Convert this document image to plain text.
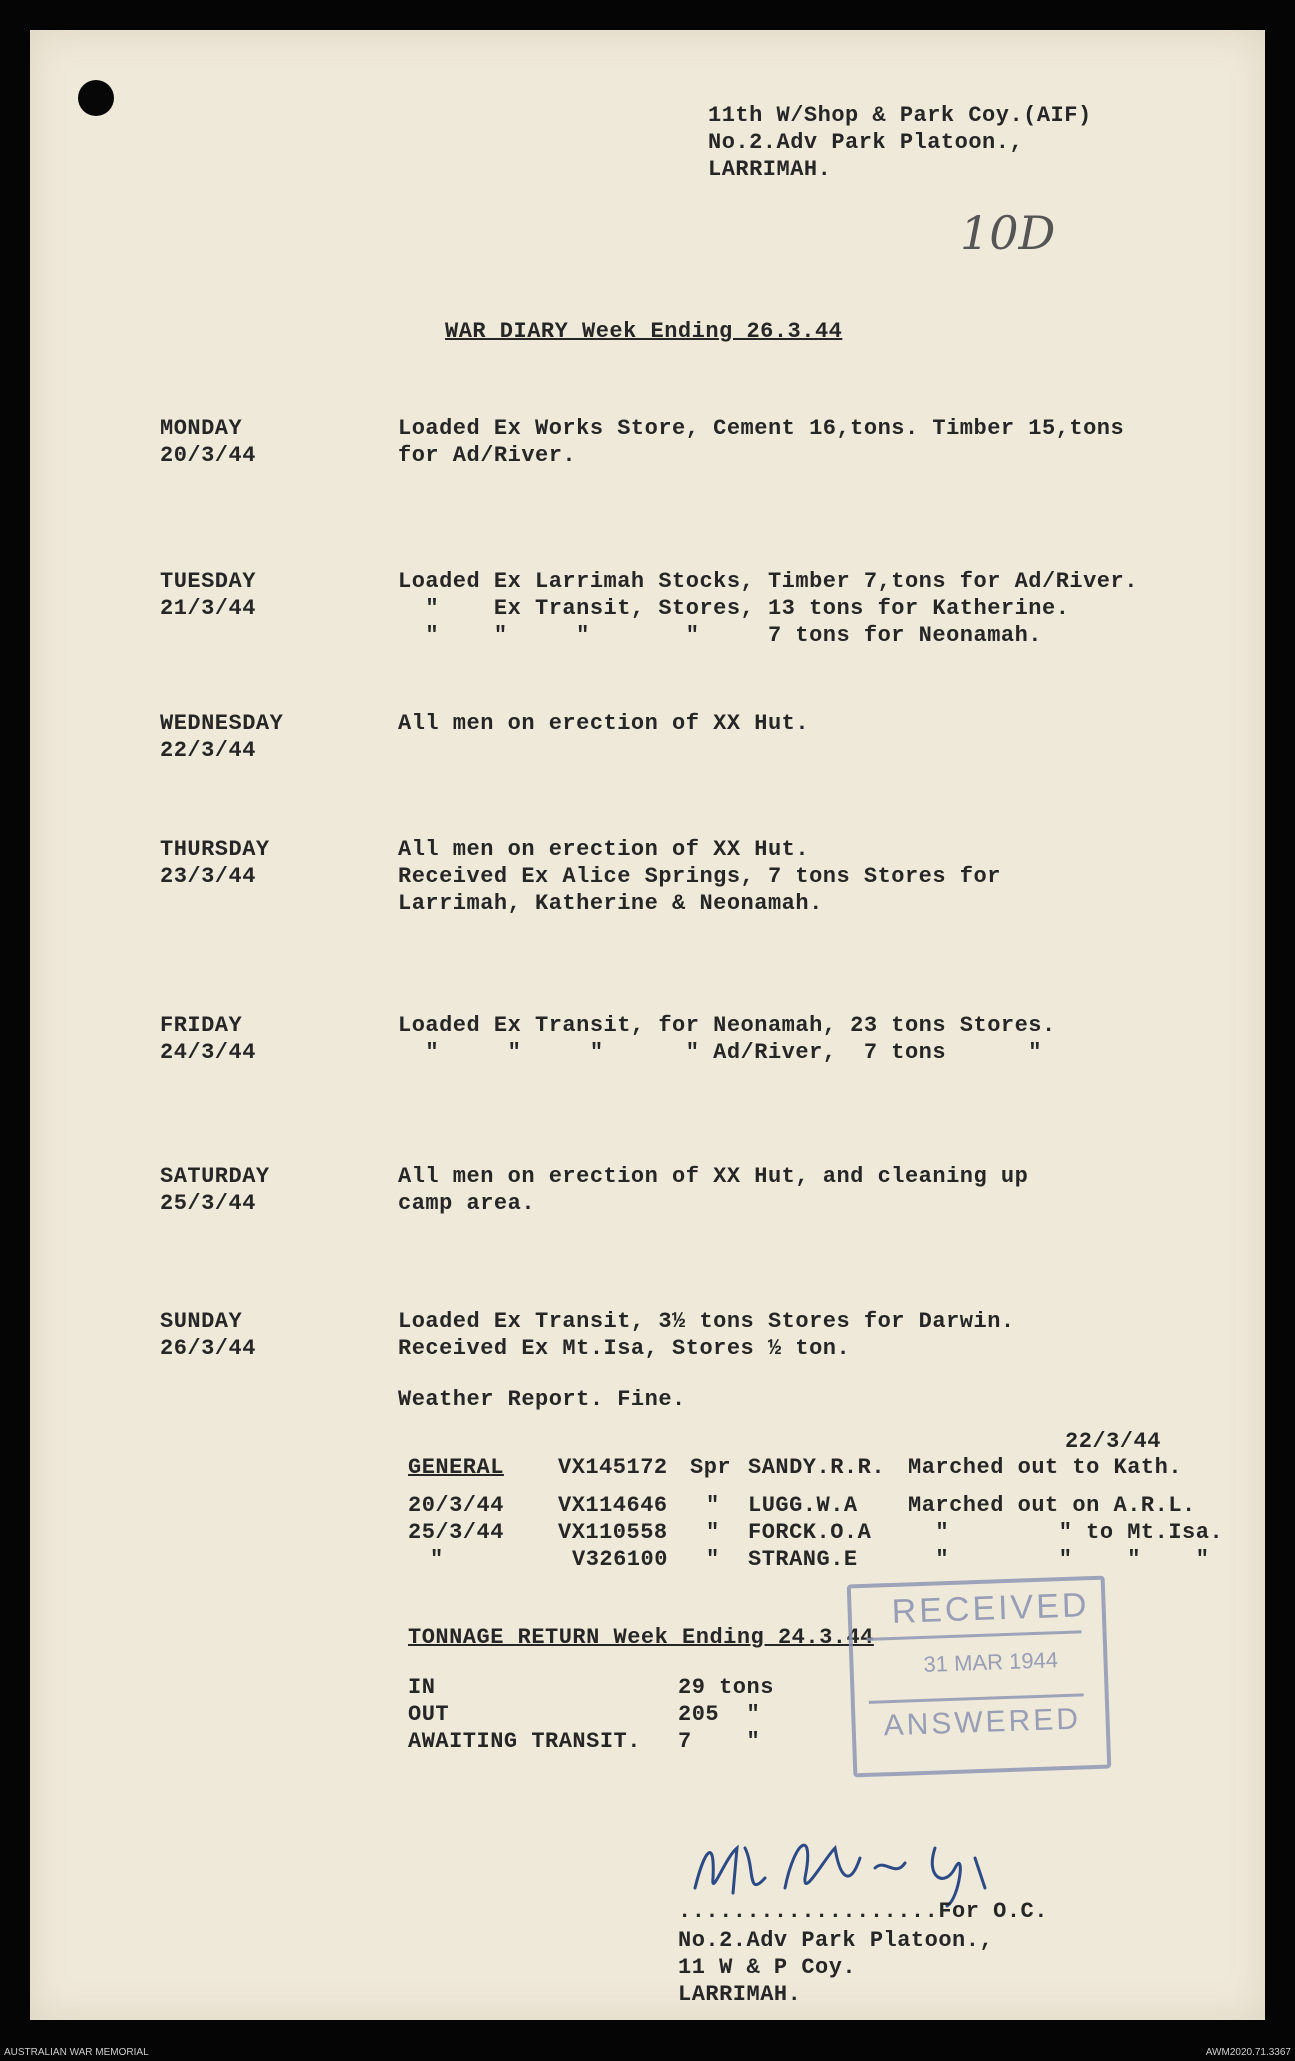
11th W/Shop & Park Coy.(AIF)
No.2.Adv Park Platoon.,
LARRIMAH.
10D
WAR DIARY Week Ending 26.3.44
MONDAY
20/3/44
Loaded Ex Works Store, Cement 16,tons. Timber 15,tons
for Ad/River.
TUESDAY
21/3/44
Loaded Ex Larrimah Stocks, Timber 7,tons for Ad/River.
"    Ex Transit, Stores, 13 tons for Katherine.
"    "     "       "     7 tons for Neonamah.
WEDNESDAY
22/3/44
All men on erection of XX Hut.
THURSDAY
23/3/44
All men on erection of XX Hut.
Received Ex Alice Springs, 7 tons Stores for
Larrimah, Katherine & Neonamah.
FRIDAY
24/3/44
Loaded Ex Transit, for Neonamah, 23 tons Stores.
"     "     "      " Ad/River,  7 tons      "
SATURDAY
25/3/44
All men on erection of XX Hut, and cleaning up
camp area.
SUNDAY
26/3/44
Loaded Ex Transit, 3½ tons Stores for Darwin.
Received Ex Mt.Isa, Stores ½ ton.
Weather Report. Fine.
22/3/44
GENERAL VX145172 Spr SANDY.R.R. Marched out to Kath.
20/3/44 VX114646 " LUGG.W.A Marched out on A.R.L.
25/3/44 VX110558 " FORCK.O.A "        " to Mt.Isa.
"	V326100 " STRANG.E "        "    "    "
TONNAGE RETURN Week Ending 24.3.44
IN	29 tons
OUT	205  "
AWAITING TRANSIT. 7    "
RECEIVED
31 MAR 1944
ANSWERED
...................For O.C.
No.2.Adv Park Platoon.,
11 W & P Coy.
LARRIMAH.
AUSTRALIAN WAR MEMORIAL	AWM2020.71.3367
